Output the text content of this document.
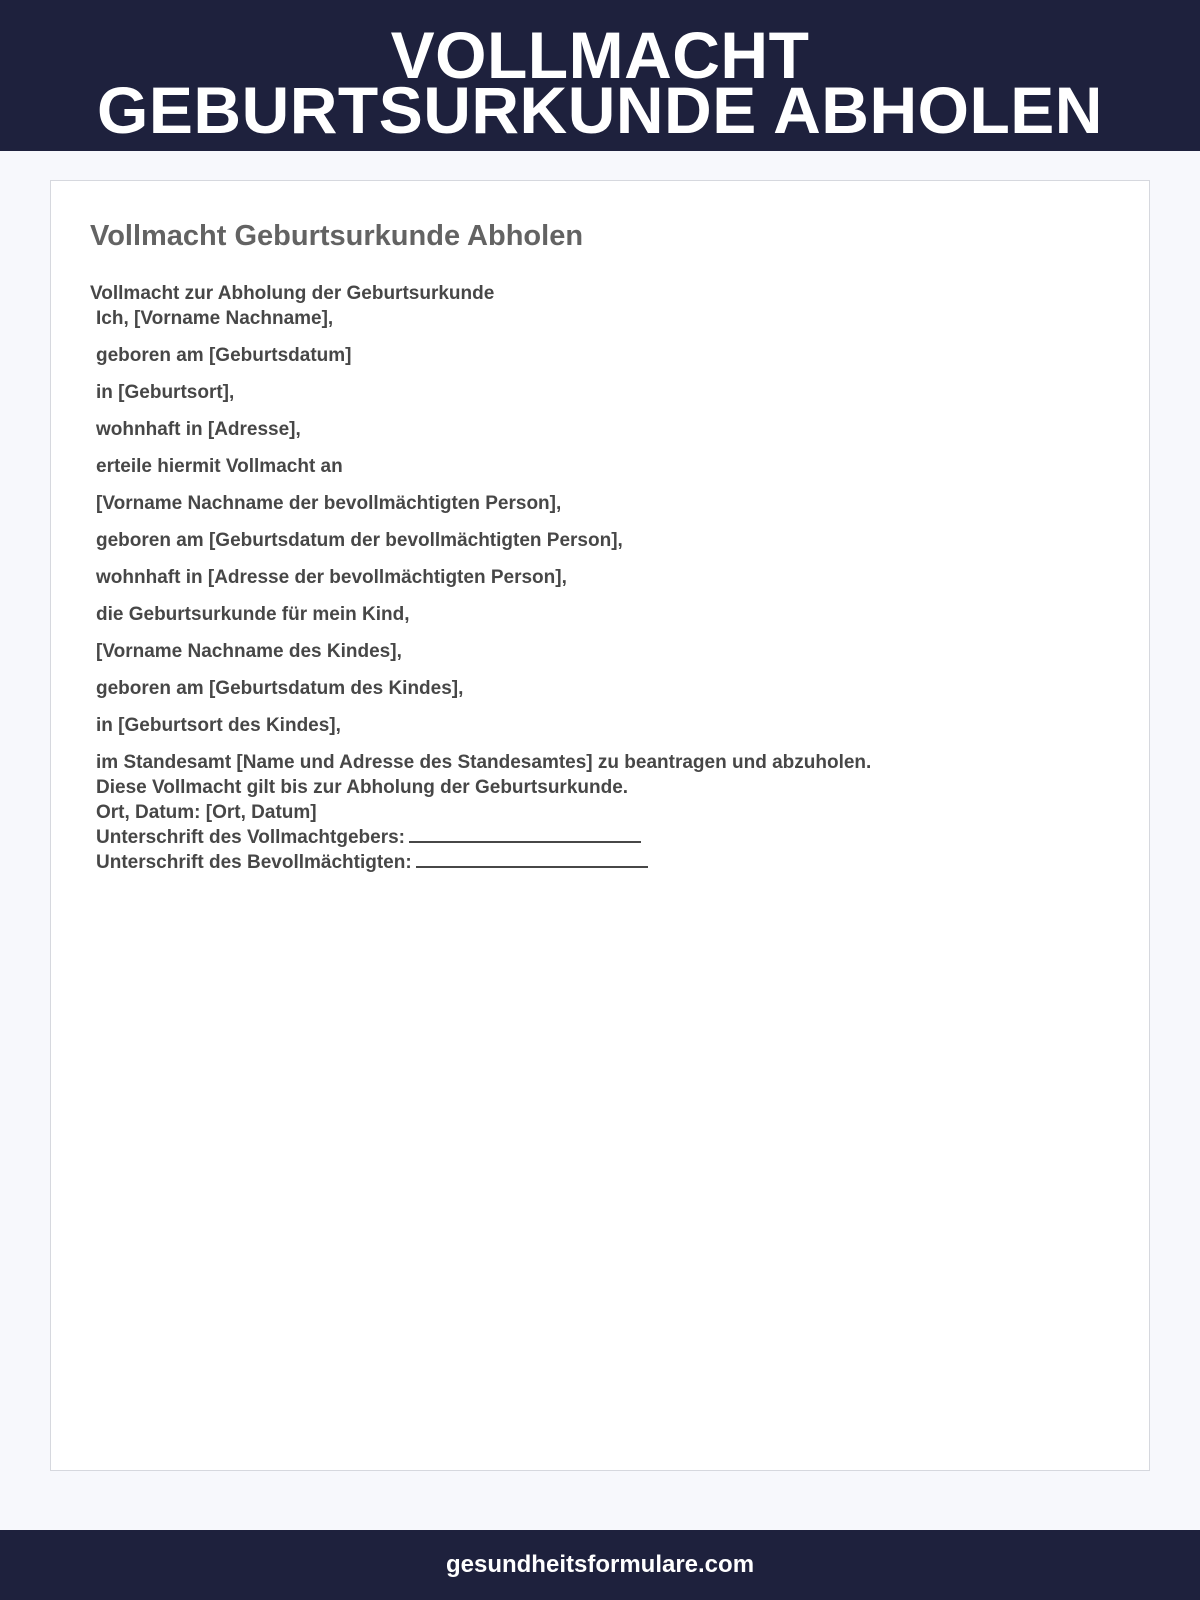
VOLLMACHT
GEBURTSURKUNDE ABHOLEN
Vollmacht Geburtsurkunde Abholen
Vollmacht zur Abholung der Geburtsurkunde
Ich, [Vorname Nachname],
geboren am [Geburtsdatum]
in [Geburtsort],
wohnhaft in [Adresse],
erteile hiermit Vollmacht an
[Vorname Nachname der bevollmächtigten Person],
geboren am [Geburtsdatum der bevollmächtigten Person],
wohnhaft in [Adresse der bevollmächtigten Person],
die Geburtsurkunde für mein Kind,
[Vorname Nachname des Kindes],
geboren am [Geburtsdatum des Kindes],
in [Geburtsort des Kindes],
im Standesamt [Name und Adresse des Standesamtes] zu beantragen und abzuholen.
Diese Vollmacht gilt bis zur Abholung der Geburtsurkunde.
Ort, Datum: [Ort, Datum]
Unterschrift des Vollmachtgebers:
Unterschrift des Bevollmächtigten:
gesundheitsformulare.com
